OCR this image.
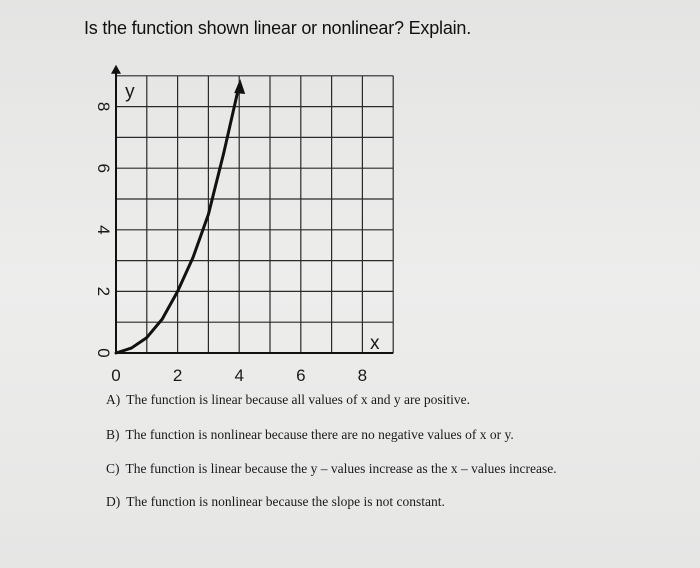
Is the function shown linear or nonlinear? Explain.
0	2	4	6	8
0
2
4
6
8
x
y
A) The function is linear because all values of x and y are positive.
B) The function is nonlinear because there are no negative values of x or y.
C) The function is linear because the y – values increase as the x – values increase.
D) The function is nonlinear because the slope is not constant.
